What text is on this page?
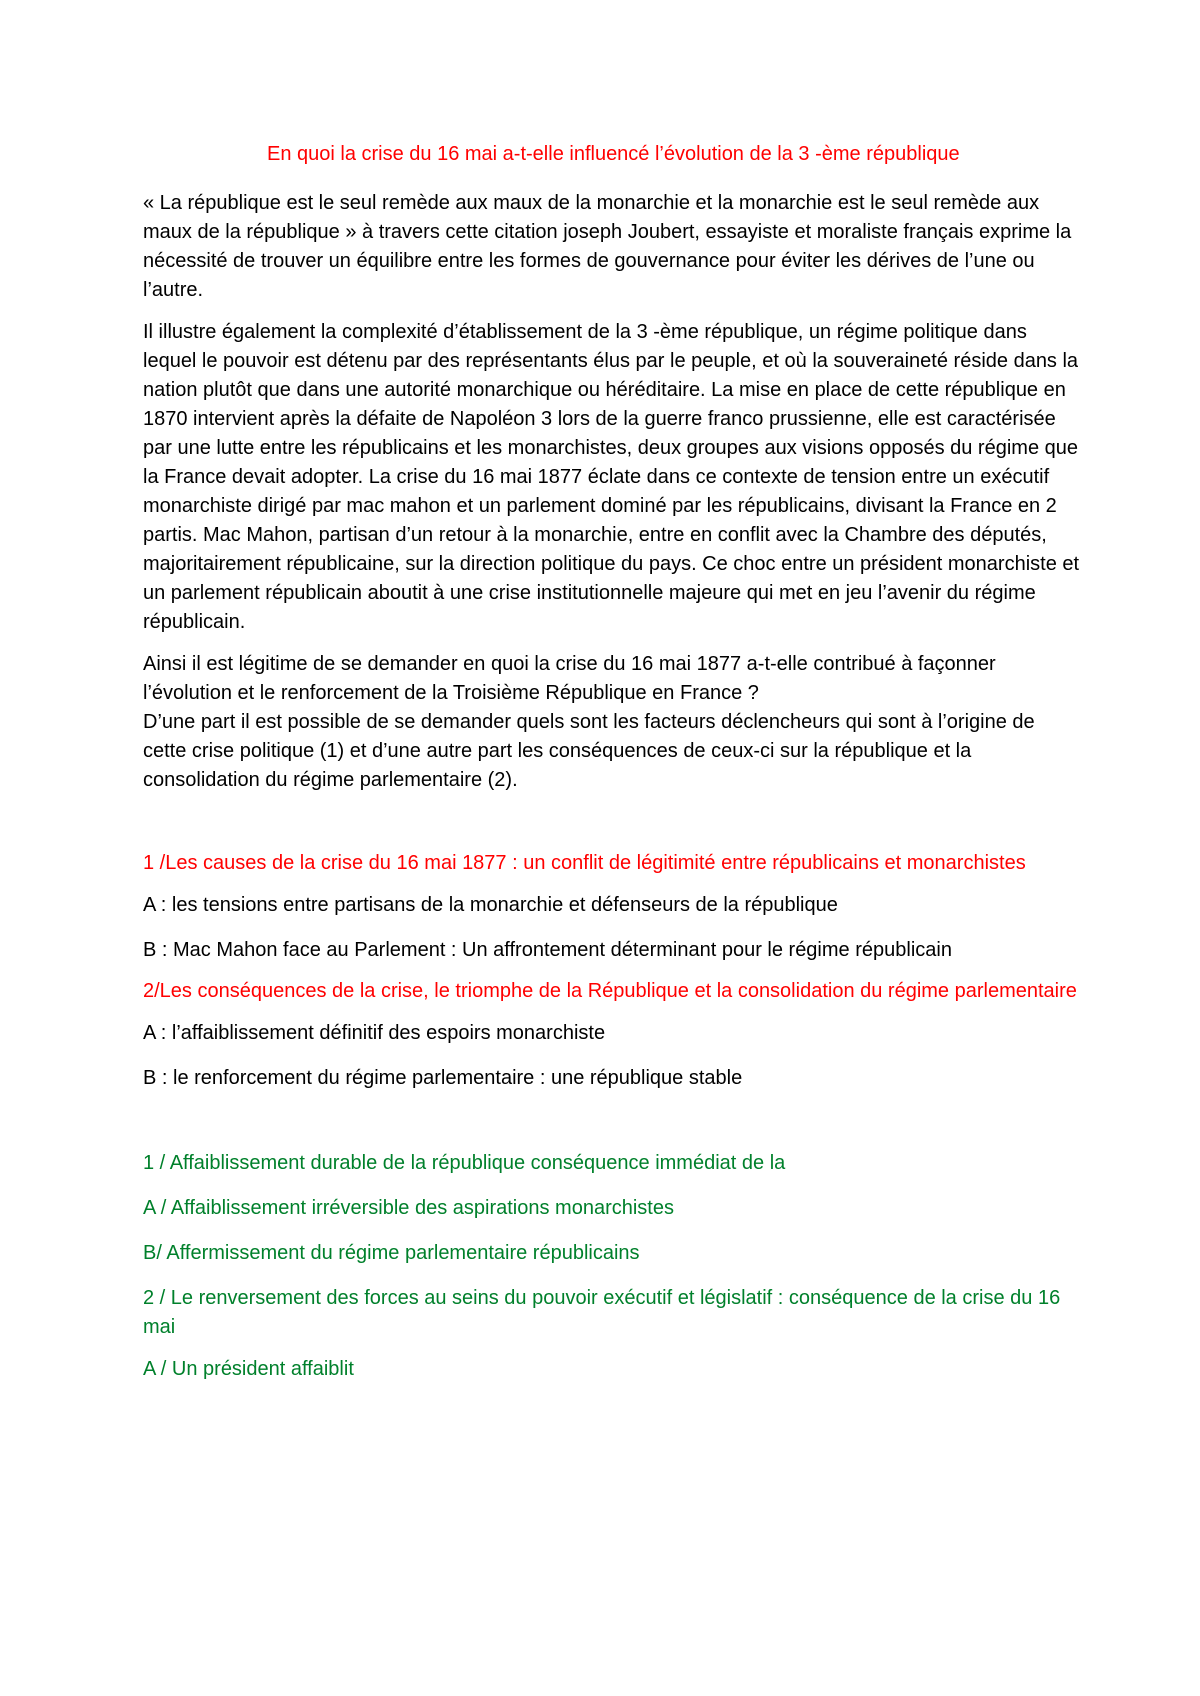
En quoi la crise du 16 mai a-t-elle influencé l’évolution de la 3 -ème république

« La république est le seul remède aux maux de la monarchie et la monarchie est le seul remède aux maux de la république » à travers cette citation joseph Joubert, essayiste et moraliste français exprime la nécessité de trouver un équilibre entre les formes de gouvernance pour éviter les dérives de l’une ou l’autre.

Il illustre également la complexité d’établissement de la 3 -ème république, un régime politique dans lequel le pouvoir est détenu par des représentants élus par le peuple, et où la souveraineté réside dans la nation plutôt que dans une autorité monarchique ou héréditaire. La mise en place de cette république en 1870 intervient après la défaite de Napoléon 3 lors de la guerre franco prussienne, elle est caractérisée par une lutte entre les républicains et les monarchistes, deux groupes aux visions opposés du régime que la France devait adopter. La crise du 16 mai 1877 éclate dans ce contexte de tension entre un exécutif monarchiste dirigé par mac mahon et un parlement dominé par les républicains, divisant la France en 2 partis. Mac Mahon, partisan d’un retour à la monarchie, entre en conflit avec la Chambre des députés, majoritairement républicaine, sur la direction politique du pays. Ce choc entre un président monarchiste et un parlement républicain aboutit à une crise institutionnelle majeure qui met en jeu l’avenir du régime républicain.

Ainsi il est légitime de se demander en quoi la crise du 16 mai 1877 a-t-elle contribué à façonner l’évolution et le renforcement de la Troisième République en France ?

D’une part il est possible de se demander quels sont les facteurs déclencheurs qui sont à l’origine de cette crise politique (1) et d’une autre part les conséquences de ceux-ci sur la république et la consolidation du régime parlementaire (2).

1 /Les causes de la crise du 16 mai 1877 : un conflit de légitimité entre républicains et monarchistes

A : les tensions entre partisans de la monarchie et défenseurs de la république

B : Mac Mahon face au Parlement : Un affrontement déterminant pour le régime républicain

2/Les conséquences de la crise, le triomphe de la République et la consolidation du régime parlementaire

A : l’affaiblissement définitif des espoirs monarchiste

B : le renforcement du régime parlementaire : une république stable

1 / Affaiblissement durable de la république conséquence immédiat de la

A / Affaiblissement irréversible des aspirations monarchistes

B/ Affermissement du régime parlementaire républicains

2 / Le renversement des forces au seins du pouvoir exécutif et législatif : conséquence de la crise du 16 mai

A / Un président affaiblit
